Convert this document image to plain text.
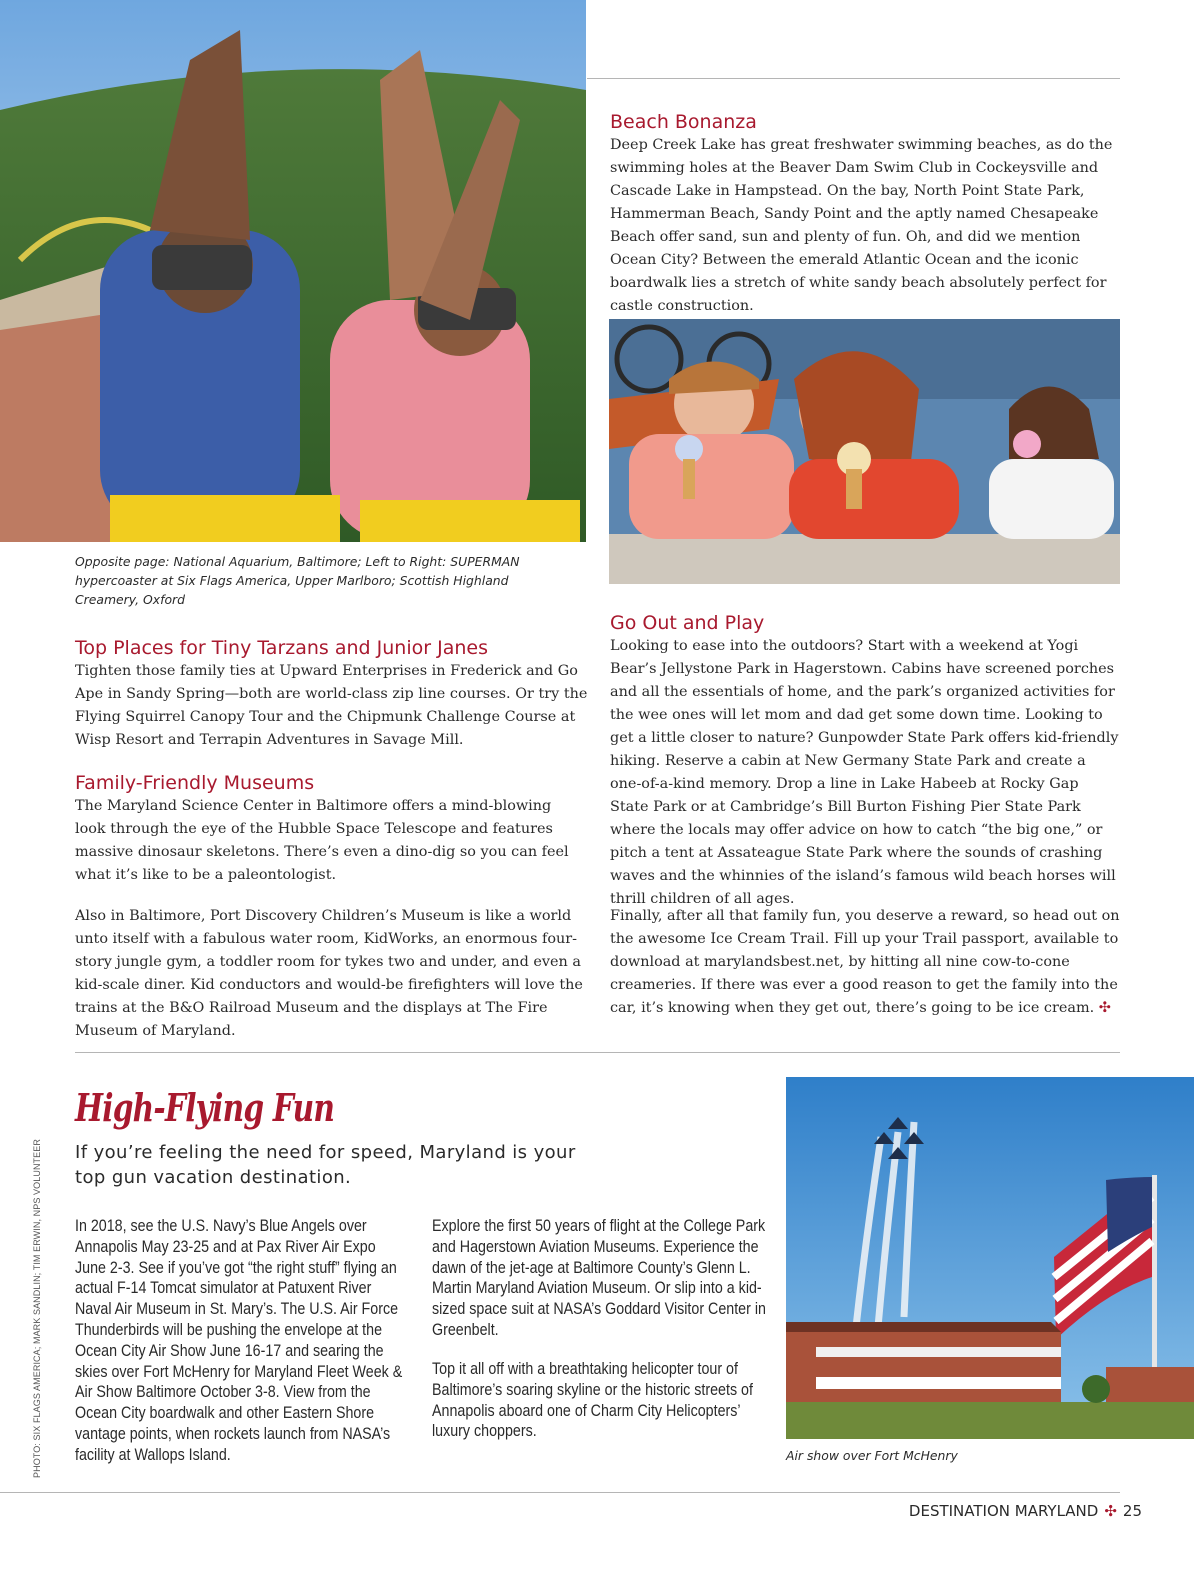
Beach Bonanza

Deep Creek Lake has great freshwater swimming beaches, as do the swimming holes at the Beaver Dam Swim Club in Cockeysville and Cascade Lake in Hampstead. On the bay, North Point State Park, Hammerman Beach, Sandy Point and the aptly named Chesapeake Beach offer sand, sun and plenty of fun. Oh, and did we mention Ocean City? Between the emerald Atlantic Ocean and the iconic boardwalk lies a stretch of white sandy beach absolutely perfect for castle construction.

Opposite page: National Aquarium, Baltimore; Left to Right: SUPERMAN hypercoaster at Six Flags America, Upper Marlboro; Scottish Highland Creamery, Oxford

Top Places for Tiny Tarzans and Junior Janes

Tighten those family ties at Upward Enterprises in Frederick and Go Ape in Sandy Spring—both are world-class zip line courses. Or try the Flying Squirrel Canopy Tour and the Chipmunk Challenge Course at Wisp Resort and Terrapin Adventures in Savage Mill.

Family-Friendly Museums

The Maryland Science Center in Baltimore offers a mind-blowing look through the eye of the Hubble Space Telescope and features massive dinosaur skeletons. There’s even a dino-dig so you can feel what it’s like to be a paleontologist.

Also in Baltimore, Port Discovery Children’s Museum is like a world unto itself with a fabulous water room, KidWorks, an enormous four-story jungle gym, a toddler room for tykes two and under, and even a kid-scale diner. Kid conductors and would-be firefighters will love the trains at the B&O Railroad Museum and the displays at The Fire Museum of Maryland.

Go Out and Play

Looking to ease into the outdoors? Start with a weekend at Yogi Bear’s Jellystone Park in Hagerstown. Cabins have screened porches and all the essentials of home, and the park’s organized activities for the wee ones will let mom and dad get some down time. Looking to get a little closer to nature? Gunpowder State Park offers kid-friendly hiking. Reserve a cabin at New Germany State Park and create a one-of-a-kind memory. Drop a line in Lake Habeeb at Rocky Gap State Park or at Cambridge’s Bill Burton Fishing Pier State Park where the locals may offer advice on how to catch “the big one,” or pitch a tent at Assateague State Park where the sounds of crashing waves and the whinnies of the island’s famous wild beach horses will thrill children of all ages.

Finally, after all that family fun, you deserve a reward, so head out on the awesome Ice Cream Trail. Fill up your Trail passport, available to download at marylandsbest.net, by hitting all nine cow-to-cone creameries. If there was ever a good reason to get the family into the car, it’s knowing when they get out, there’s going to be ice cream. ✣

High-Flying Fun

If you’re feeling the need for speed, Maryland is your top gun vacation destination.

In 2018, see the U.S. Navy’s Blue Angels over Annapolis May 23-25 and at Pax River Air Expo June 2-3. See if you’ve got “the right stuff” flying an actual F-14 Tomcat simulator at Patuxent River Naval Air Museum in St. Mary’s. The U.S. Air Force Thunderbirds will be pushing the envelope at the Ocean City Air Show June 16-17 and searing the skies over Fort McHenry for Maryland Fleet Week & Air Show Baltimore October 3-8. View from the Ocean City boardwalk and other Eastern Shore vantage points, when rockets launch from NASA’s facility at Wallops Island.

Explore the first 50 years of flight at the College Park and Hagerstown Aviation Museums. Experience the dawn of the jet-age at Baltimore County’s Glenn L. Martin Maryland Aviation Museum. Or slip into a kid-sized space suit at NASA’s Goddard Visitor Center in Greenbelt.

Top it all off with a breathtaking helicopter tour of Baltimore’s soaring skyline or the historic streets of Annapolis aboard one of Charm City Helicopters’ luxury choppers.

Air show over Fort McHenry

PHOTO: SIX FLAGS AMERICA; MARK SANDLIN; TIM ERWIN, NPS VOLUNTEER
DESTINATION MARYLAND ✣ 25
